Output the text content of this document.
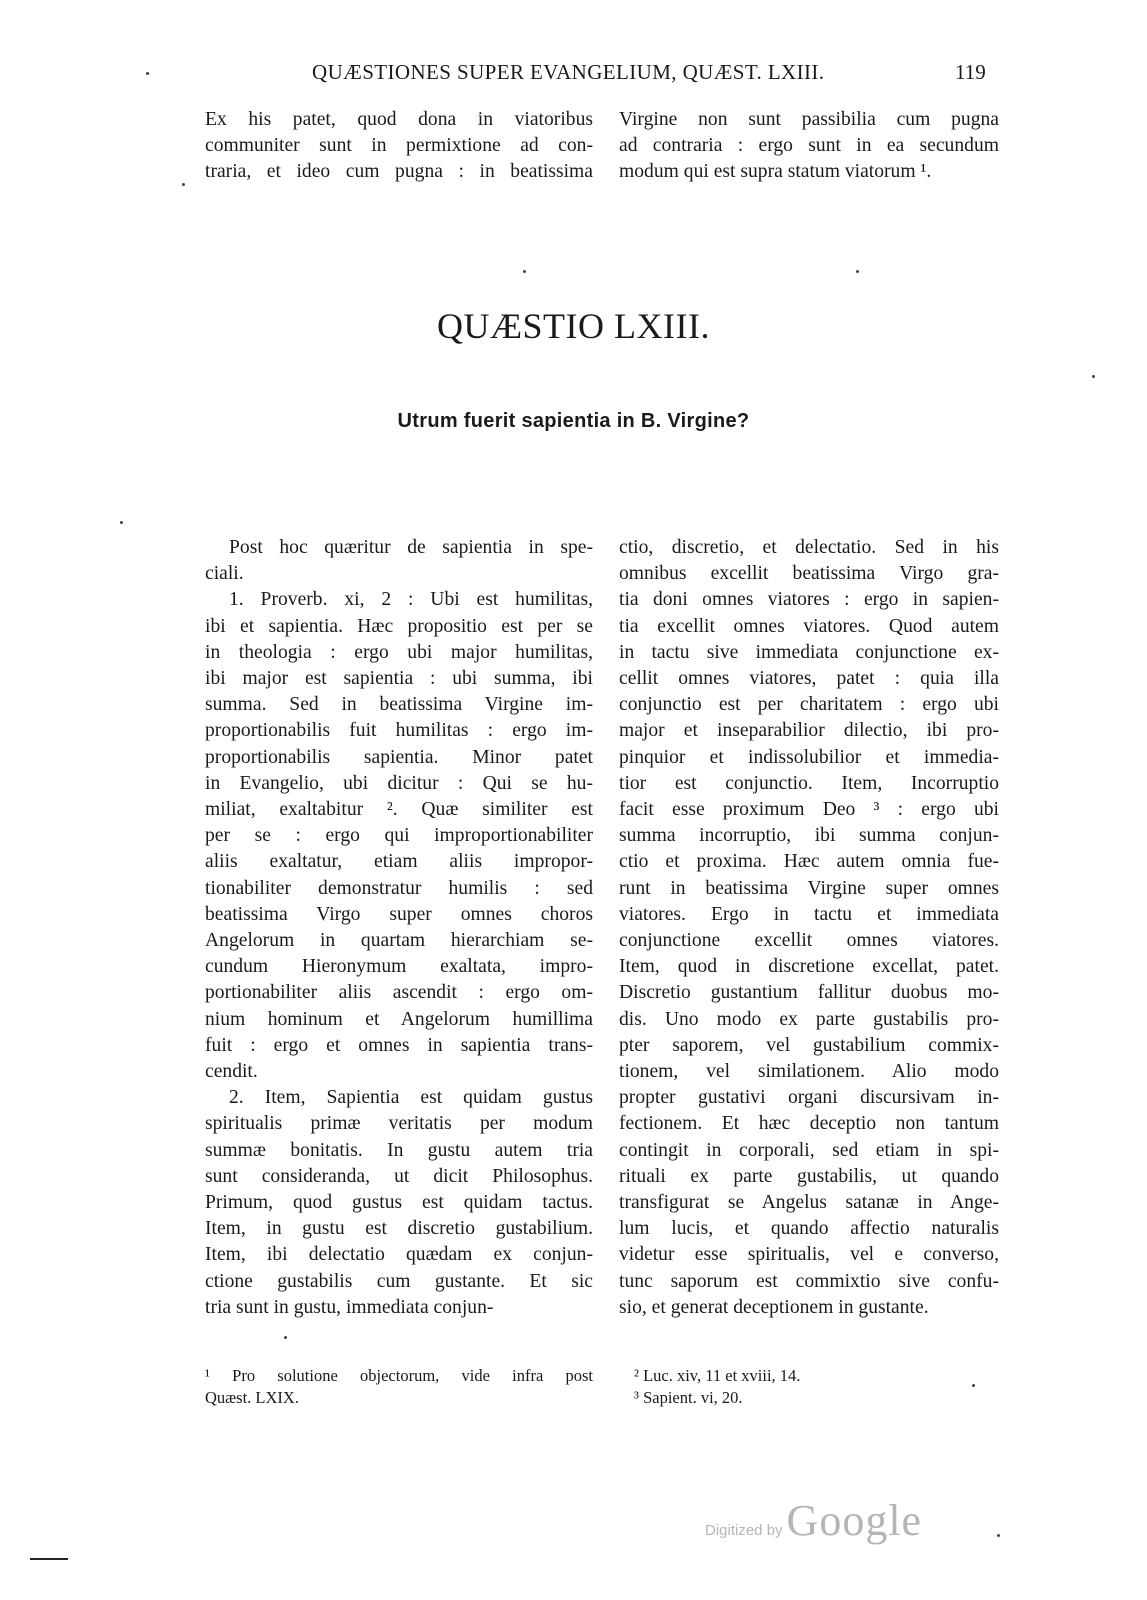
QUÆSTIONES SUPER EVANGELIUM, QUÆST. LXIII.	119
Ex his patet, quod dona in viatoribus
communiter sunt in permixtione ad con-
traria, et ideo cum pugna : in beatissima
Virgine non sunt passibilia cum pugna
ad contraria : ergo sunt in ea secundum
modum qui est supra statum viatorum ¹.
QUÆSTIO LXIII.
Utrum fuerit sapientia in B. Virgine?
Post hoc quæritur de sapientia in spe-
ciali.
1. Proverb. xi, 2 : Ubi est humilitas,
ibi et sapientia. Hæc propositio est per se
in theologia : ergo ubi major humilitas,
ibi major est sapientia : ubi summa, ibi
summa. Sed in beatissima Virgine im-
proportionabilis fuit humilitas : ergo im-
proportionabilis sapientia. Minor patet
in Evangelio, ubi dicitur : Qui se hu-
miliat, exaltabitur ². Quæ similiter est
per se : ergo qui improportionabiliter
aliis exaltatur, etiam aliis impropor-
tionabiliter demonstratur humilis : sed
beatissima Virgo super omnes choros
Angelorum in quartam hierarchiam se-
cundum Hieronymum exaltata, impro-
portionabiliter aliis ascendit : ergo om-
nium hominum et Angelorum humillima
fuit : ergo et omnes in sapientia trans-
cendit.
2. Item, Sapientia est quidam gustus
spiritualis primæ veritatis per modum
summæ bonitatis. In gustu autem tria
sunt consideranda, ut dicit Philosophus.
Primum, quod gustus est quidam tactus.
Item, in gustu est discretio gustabilium.
Item, ibi delectatio quædam ex conjun-
ctione gustabilis cum gustante. Et sic
tria sunt in gustu, immediata conjun-
ctio, discretio, et delectatio. Sed in his
omnibus excellit beatissima Virgo gra-
tia doni omnes viatores : ergo in sapien-
tia excellit omnes viatores. Quod autem
in tactu sive immediata conjunctione ex-
cellit omnes viatores, patet : quia illa
conjunctio est per charitatem : ergo ubi
major et inseparabilior dilectio, ibi pro-
pinquior et indissolubilior et immedia-
tior est conjunctio. Item, Incorruptio
facit esse proximum Deo ³ : ergo ubi
summa incorruptio, ibi summa conjun-
ctio et proxima. Hæc autem omnia fue-
runt in beatissima Virgine super omnes
viatores. Ergo in tactu et immediata
conjunctione excellit omnes viatores.
Item, quod in discretione excellat, patet.
Discretio gustantium fallitur duobus mo-
dis. Uno modo ex parte gustabilis pro-
pter saporem, vel gustabilium commix-
tionem, vel similationem. Alio modo
propter gustativi organi discursivam in-
fectionem. Et hæc deceptio non tantum
contingit in corporali, sed etiam in spi-
rituali ex parte gustabilis, ut quando
transfigurat se Angelus satanæ in Ange-
lum lucis, et quando affectio naturalis
videtur esse spiritualis, vel e converso,
tunc saporum est commixtio sive confu-
sio, et generat deceptionem in gustante.
¹ Pro solutione objectorum, vide infra post
Quæst. LXIX.
² Luc. xiv, 11 et xviii, 14.
³ Sapient. vi, 20.
Digitized by Google
